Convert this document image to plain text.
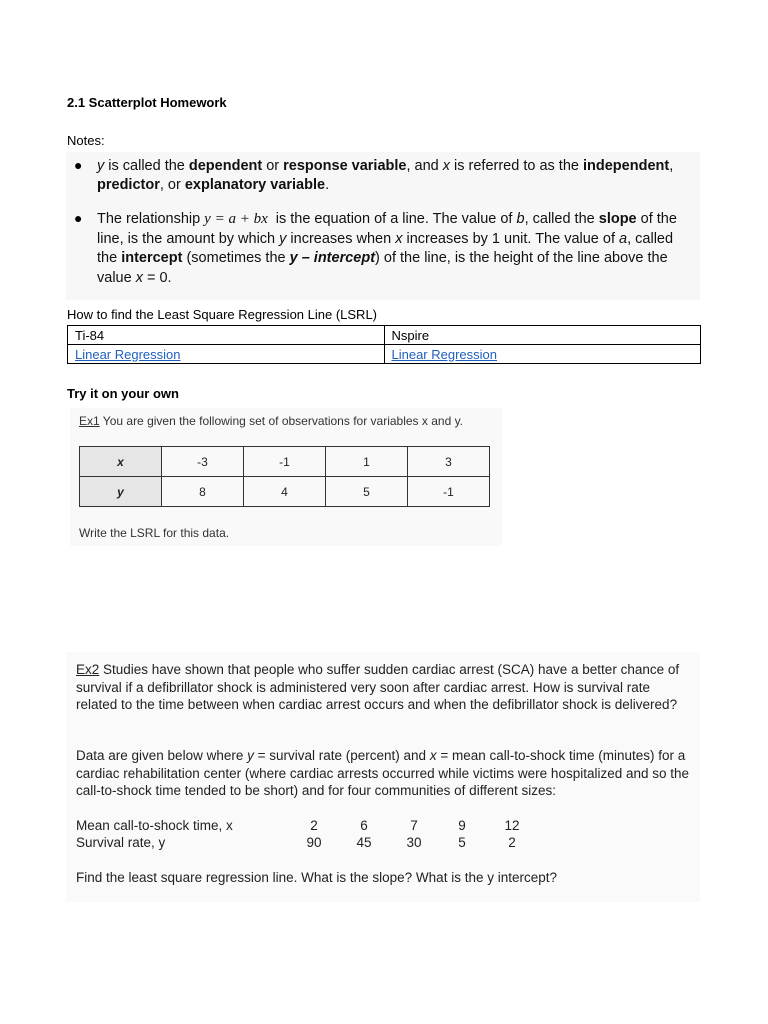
2.1 Scatterplot Homework
Notes:
● y is called the dependent or response variable, and x is referred to as the independent, predictor, or explanatory variable.
● The relationship y = a + bx is the equation of a line. The value of b, called the slope of the line, is the amount by which y increases when x increases by 1 unit. The value of a, called the intercept (sometimes the y – intercept) of the line, is the height of the line above the value x = 0.
How to find the Least Square Regression Line (LSRL)
Ti-84	Nspire
Linear Regression	Linear Regression
Try it on your own
Ex1 You are given the following set of observations for variables x and y.
x	-3	-1	1	3
y	8	4	5	-1
Write the LSRL for this data.
Ex2 Studies have shown that people who suffer sudden cardiac arrest (SCA) have a better chance of survival if a defibrillator shock is administered very soon after cardiac arrest. How is survival rate related to the time between when cardiac arrest occurs and when the defibrillator shock is delivered?
Data are given below where y = survival rate (percent) and x = mean call-to-shock time (minutes) for a cardiac rehabilitation center (where cardiac arrests occurred while victims were hospitalized and so the call-to-shock time tended to be short) and for four communities of different sizes:
Mean call-to-shock time, x	2	6	7	9	12
Survival rate, y	90	45	30	5	2
Find the least square regression line. What is the slope? What is the y intercept?
